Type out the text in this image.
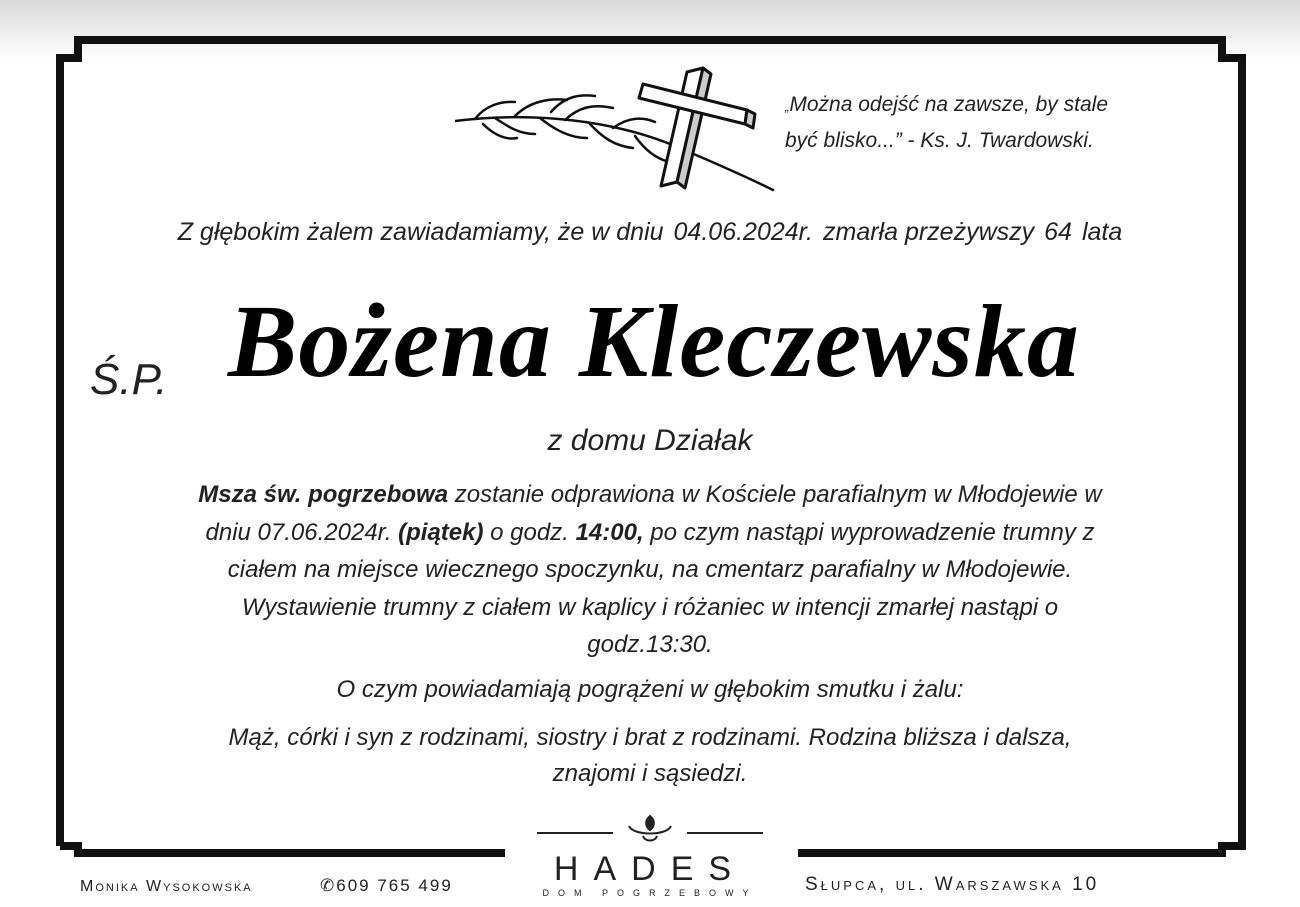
„Można odejść na zawsze, by stale
być blisko...” - Ks. J. Twardowski.
Z głębokim żalem zawiadamiamy, że w dniu 04.06.2024r. zmarła przeżywszy 64 lata
Ś.P. Bożena Kleczewska
z domu Działak
Msza św. pogrzebowa zostanie odprawiona w Kościele parafialnym w Młodojewie w
dniu 07.06.2024r. (piątek) o godz. 14:00, po czym nastąpi wyprowadzenie trumny z
ciałem na miejsce wiecznego spoczynku, na cmentarz parafialny w Młodojewie.
Wystawienie trumny z ciałem w kaplicy i różaniec w intencji zmarłej nastąpi o
godz.13:30.
O czym powiadamiają pogrążeni w głębokim smutku i żalu:
Mąż, córki i syn z rodzinami, siostry i brat z rodzinami. Rodzina bliższa i dalsza,
znajomi i sąsiedzi.
Monika Wysokowska	✆609 765 499	HADES
DOM POGRZEBOWY	Słupca, ul. Warszawska 10
